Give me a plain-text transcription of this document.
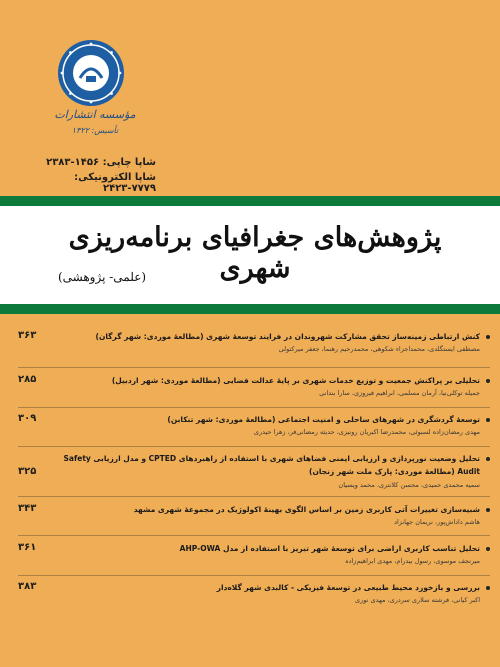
مؤسسه انتشارات
تأسیس: ۱۳۲۲
شاپا چاپی: ۱۴۵۶-۲۳۸۳
شاپا الکترونیکی: ۷۷۷۹-۲۴۲۳
پژوهش‌های جغرافیای برنامه‌ریزی شهری
(علمی- پژوهشی)
کنش ارتباطی زمینه‌ساز تحقق مشارکت شهروندان در فرایند توسعهٔ شهری (مطالعهٔ موردی: شهر گرگان)
مصطفی ایستگلدی، محمداجزاء شکوهی، محمدرحیم رهنما، جعفر میرکتولی
۳۶۳
تحلیلی بر پراکنش جمعیت و توزیع خدمات شهری بر پایهٔ عدالت فضایی (مطالعهٔ موردی: شهر اردبیل)
جمیله توکلی‌نیا، آرمان مسلمی، ابراهیم فیروزی، سارا بندانی
۲۸۵
توسعهٔ گردشگری در شهرهای ساحلی و امنیت اجتماعی (مطالعهٔ موردی: شهر تنکابن)
مهدی رمضان‌زاده لسبوئی، محمدرضا اکبریان رونیزی، حدیثه رمضانی‌فر، زهرا حیدری
۳۰۹
تحلیل وضعیت نورپردازی و ارزیابی ایمنی فضاهای شهری با استفاده از راهبردهای CPTED و مدل ارزیابی Safety Audit (مطالعهٔ موردی: پارک ملت شهر زنجان)
سمیه محمدی حمیدی، محسن کلانتری، محمد ویسیان
۳۲۵
شبیه‌سازی تغییرات آتی کاربری زمین بر اساس الگوی بهینهٔ اکولوژیک در مجموعهٔ شهری مشهد
هاشم داداش‌پور، نریمان جهانزاد
۳۴۳
تحلیل تناسب کاربری اراضی برای توسعهٔ شهر تبریز با استفاده از مدل AHP-OWA
میرنجف موسوی، رسول بیدرام، مهدی ابراهیم‌زاده
۳۶۱
بررسی و بازخورد محیط طبیعی در توسعهٔ فیزیکی - کالبدی شهر گلاه‌دار
اکبر کیانی، فرشته سلاری سردری، مهدی نوری
۳۸۳
